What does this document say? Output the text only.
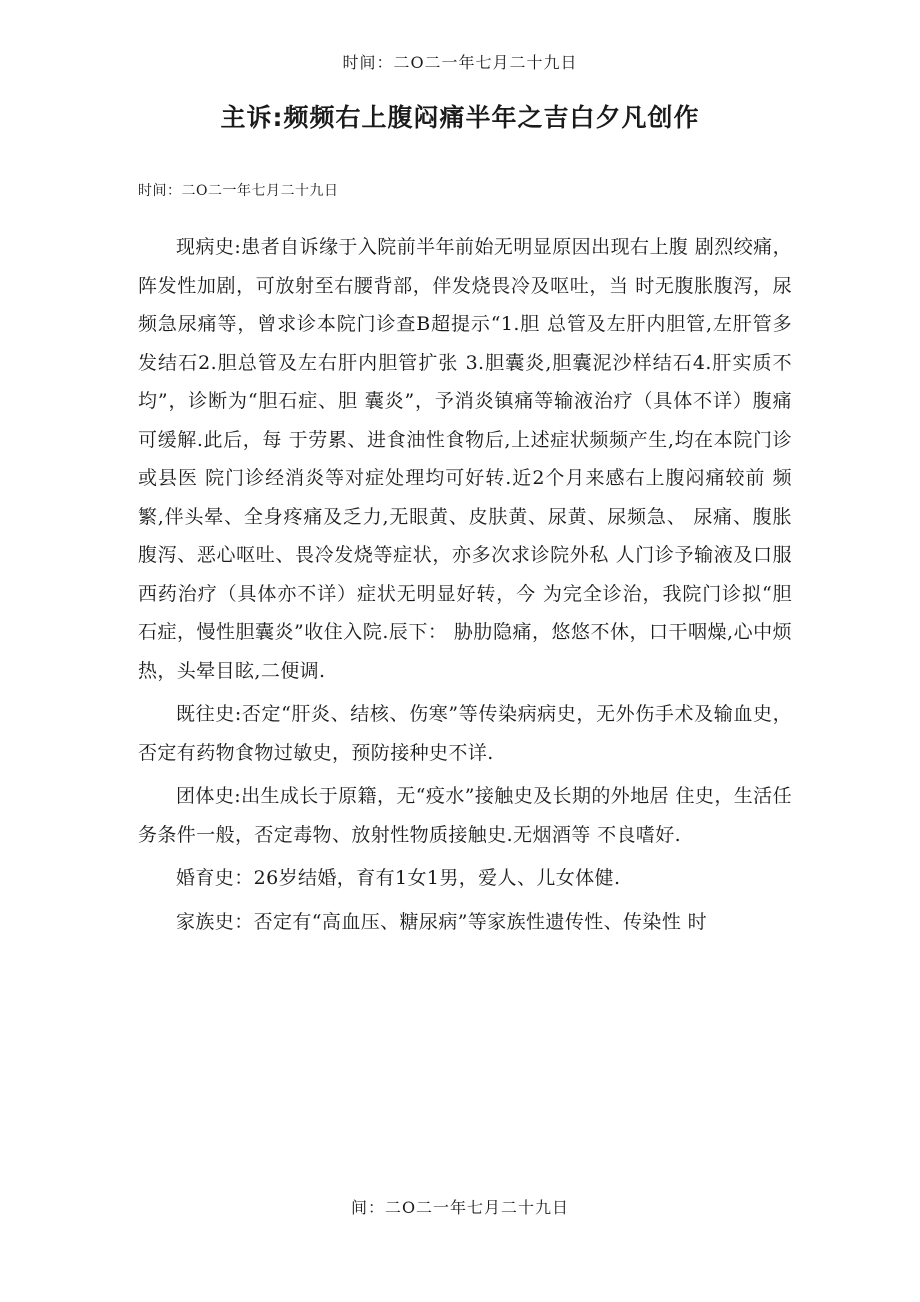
时间：二O二一年七月二十九日
主诉:频频右上腹闷痛半年之吉白夕凡创作
时间：二O二一年七月二十九日

现病史:患者自诉缘于入院前半年前始无明显原因出现右上腹 剧烈绞痛，阵发性加剧，可放射至右腰背部，伴发烧畏冷及呕吐，当 时无腹胀腹泻，尿频急尿痛等，曾求诊本院门诊查B超提示“1.胆 总管及左肝内胆管,左肝管多发结石2.胆总管及左右肝内胆管扩张 3.胆囊炎,胆囊泥沙样结石4.肝实质不均”，诊断为“胆石症、胆 囊炎”，予消炎镇痛等输液治疗（具体不详）腹痛可缓解.此后，每 于劳累、进食油性食物后,上述症状频频产生,均在本院门诊或县医 院门诊经消炎等对症处理均可好转.近2个月来感右上腹闷痛较前 频繁,伴头晕、全身疼痛及乏力,无眼黄、皮肤黄、尿黄、尿频急、 尿痛、腹胀腹泻、恶心呕吐、畏冷发烧等症状，亦多次求诊院外私 人门诊予输液及口服西药治疗（具体亦不详）症状无明显好转，今 为完全诊治，我院门诊拟“胆石症，慢性胆囊炎”收住入院.辰下： 胁肋隐痛，悠悠不休，口干咽燥,心中烦热，头晕目眩,二便调.

既往史:否定“肝炎、结核、伤寒”等传染病病史，无外伤手术及输血史，否定有药物食物过敏史，预防接种史不详.

团体史:出生成长于原籍，无“疫水”接触史及长期的外地居 住史，生活任务条件一般，否定毒物、放射性物质接触史.无烟酒等 不良嗜好.

婚育史：26岁结婚，育有1女1男，爱人、儿女体健.

家族史：否定有“高血压、糖尿病”等家族性遗传性、传染性 时

间：二O二一年七月二十九日
